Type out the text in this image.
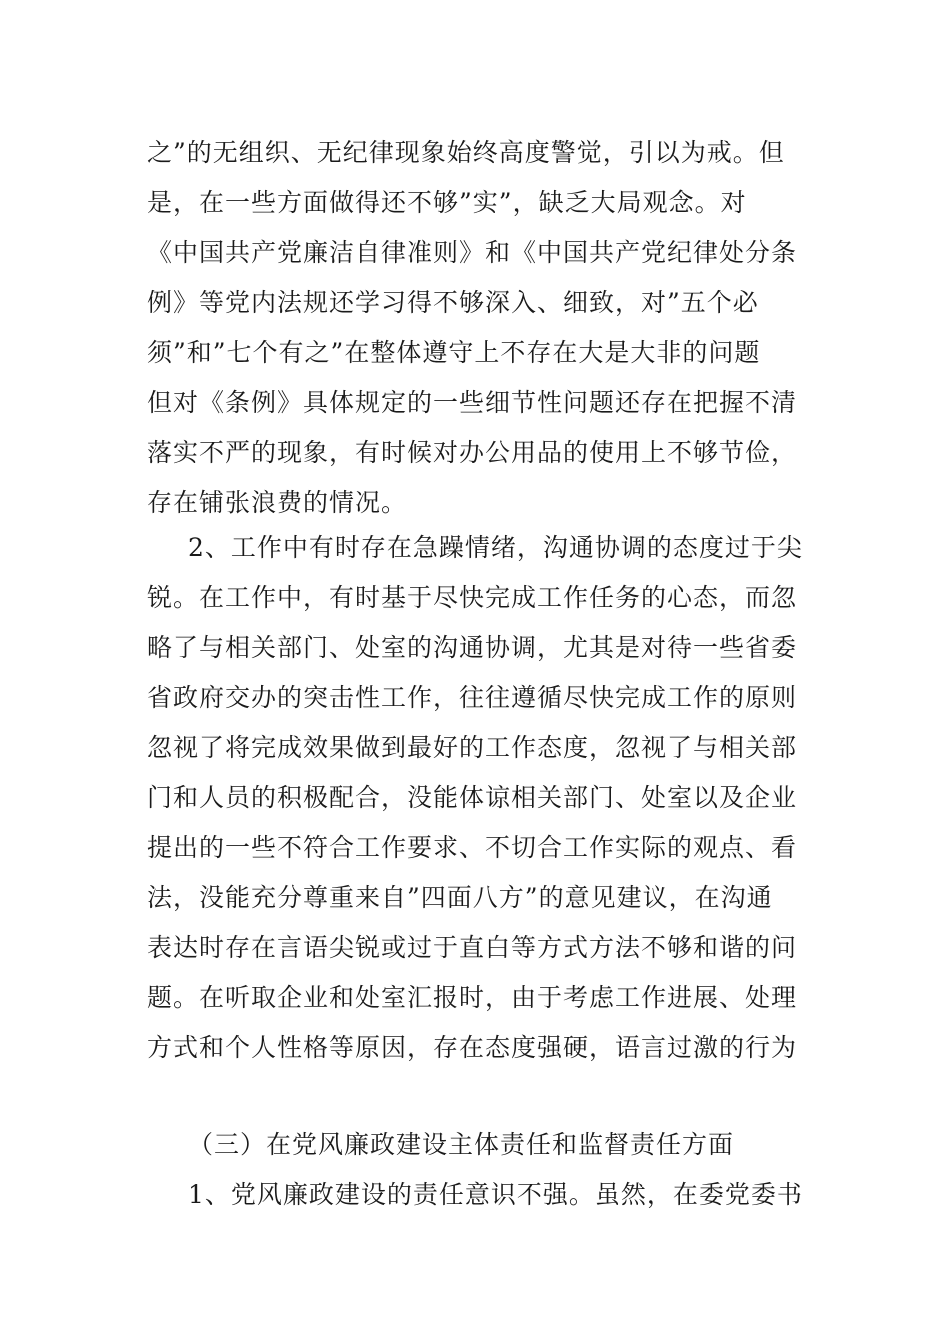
之”的无组织、无纪律现象始终高度警觉，引以为戒。但

是，在一些方面做得还不够”实”，缺乏大局观念。对

《中国共产党廉洁自律准则》和《中国共产党纪律处分条

例》等党内法规还学习得不够深入、细致，对”五个必

须”和”七个有之”在整体遵守上不存在大是大非的问题

但对《条例》具体规定的一些细节性问题还存在把握不清

落实不严的现象，有时候对办公用品的使用上不够节俭，

存在铺张浪费的情况。

2、工作中有时存在急躁情绪，沟通协调的态度过于尖

锐。在工作中，有时基于尽快完成工作任务的心态，而忽

略了与相关部门、处室的沟通协调，尤其是对待一些省委

省政府交办的突击性工作，往往遵循尽快完成工作的原则

忽视了将完成效果做到最好的工作态度，忽视了与相关部

门和人员的积极配合，没能体谅相关部门、处室以及企业

提出的一些不符合工作要求、不切合工作实际的观点、看

法，没能充分尊重来自”四面八方”的意见建议，在沟通

表达时存在言语尖锐或过于直白等方式方法不够和谐的问

题。在听取企业和处室汇报时，由于考虑工作进展、处理

方式和个人性格等原因，存在态度强硬，语言过激的行为

（三）在党风廉政建设主体责任和监督责任方面

1、党风廉政建设的责任意识不强。虽然，在委党委书
